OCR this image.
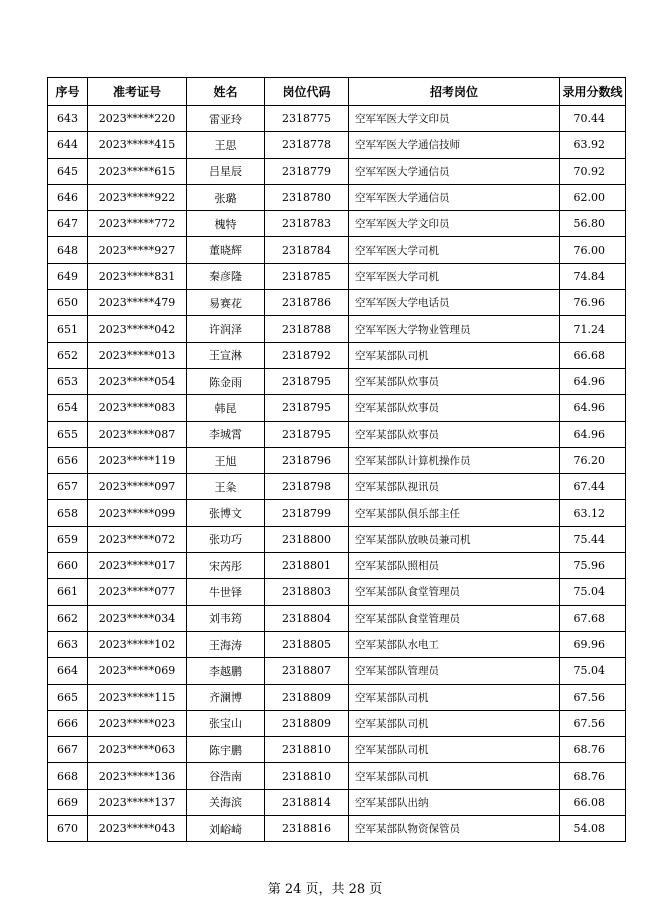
序号	准考证号	姓名	岗位代码	招考岗位	录用分数线
643	2023*****220	雷亚玲	2318775	空军军医大学文印员	70.44
644	2023*****415	王思	2318778	空军军医大学通信技师	63.92
645	2023*****615	吕星辰	2318779	空军军医大学通信员	70.92
646	2023*****922	张璐	2318780	空军军医大学通信员	62.00
647	2023*****772	槐特	2318783	空军军医大学文印员	56.80
648	2023*****927	董晓辉	2318784	空军军医大学司机	76.00
649	2023*****831	秦彦隆	2318785	空军军医大学司机	74.84
650	2023*****479	易赛花	2318786	空军军医大学电话员	76.96
651	2023*****042	许润泽	2318788	空军军医大学物业管理员	71.24
652	2023*****013	王宣淋	2318792	空军某部队司机	66.68
653	2023*****054	陈金雨	2318795	空军某部队炊事员	64.96
654	2023*****083	韩昆	2318795	空军某部队炊事员	64.96
655	2023*****087	李城霄	2318795	空军某部队炊事员	64.96
656	2023*****119	王旭	2318796	空军某部队计算机操作员	76.20
657	2023*****097	王粂	2318798	空军某部队视讯员	67.44
658	2023*****099	张博文	2318799	空军某部队俱乐部主任	63.12
659	2023*****072	张功巧	2318800	空军某部队放映员兼司机	75.44
660	2023*****017	宋芮彤	2318801	空军某部队照相员	75.96
661	2023*****077	牛世铎	2318803	空军某部队食堂管理员	75.04
662	2023*****034	刘韦筠	2318804	空军某部队食堂管理员	67.68
663	2023*****102	王海涛	2318805	空军某部队水电工	69.96
664	2023*****069	李越鹏	2318807	空军某部队管理员	75.04
665	2023*****115	齐澜博	2318809	空军某部队司机	67.56
666	2023*****023	张宝山	2318809	空军某部队司机	67.56
667	2023*****063	陈宇鹏	2318810	空军某部队司机	68.76
668	2023*****136	谷浩南	2318810	空军某部队司机	68.76
669	2023*****137	关海滨	2318814	空军某部队出纳	66.08
670	2023*****043	刘峪崎	2318816	空军某部队物资保管员	54.08
第 24 页，共 28 页
